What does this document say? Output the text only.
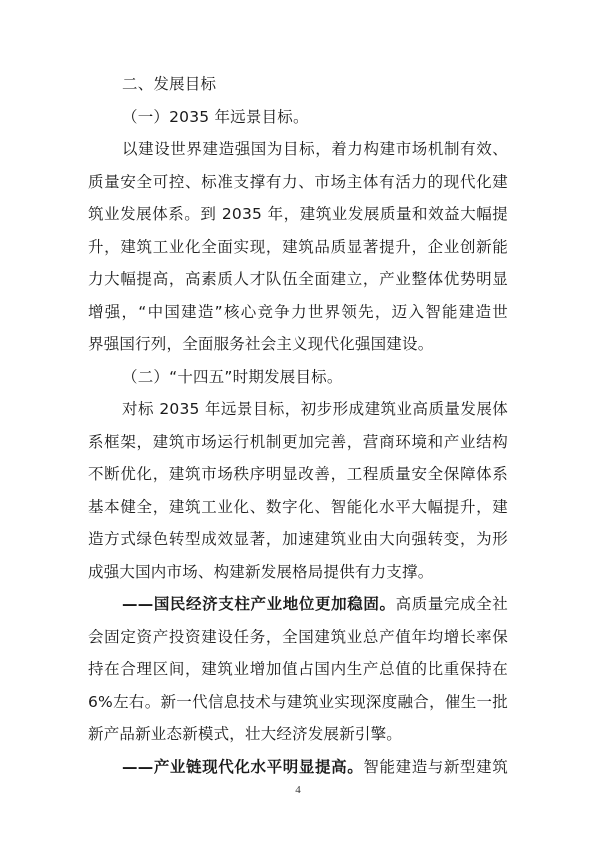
二、发展目标
（一）2035 年远景目标。
以建设世界建造强国为目标，着力构建市场机制有效、
质量安全可控、标准支撑有力、市场主体有活力的现代化建
筑业发展体系。到 2035 年，建筑业发展质量和效益大幅提
升，建筑工业化全面实现，建筑品质显著提升，企业创新能
力大幅提高，高素质人才队伍全面建立，产业整体优势明显
增强，“中国建造”核心竞争力世界领先，迈入智能建造世
界强国行列，全面服务社会主义现代化强国建设。
（二）“十四五”时期发展目标。
对标 2035 年远景目标，初步形成建筑业高质量发展体
系框架，建筑市场运行机制更加完善，营商环境和产业结构
不断优化，建筑市场秩序明显改善，工程质量安全保障体系
基本健全，建筑工业化、数字化、智能化水平大幅提升，建
造方式绿色转型成效显著，加速建筑业由大向强转变，为形
成强大国内市场、构建新发展格局提供有力支撑。
——国民经济支柱产业地位更加稳固。高质量完成全社
会固定资产投资建设任务，全国建筑业总产值年均增长率保
持在合理区间，建筑业增加值占国内生产总值的比重保持在
6%左右。新一代信息技术与建筑业实现深度融合，催生一批
新产品新业态新模式，壮大经济发展新引擎。
——产业链现代化水平明显提高。智能建造与新型建筑
4
